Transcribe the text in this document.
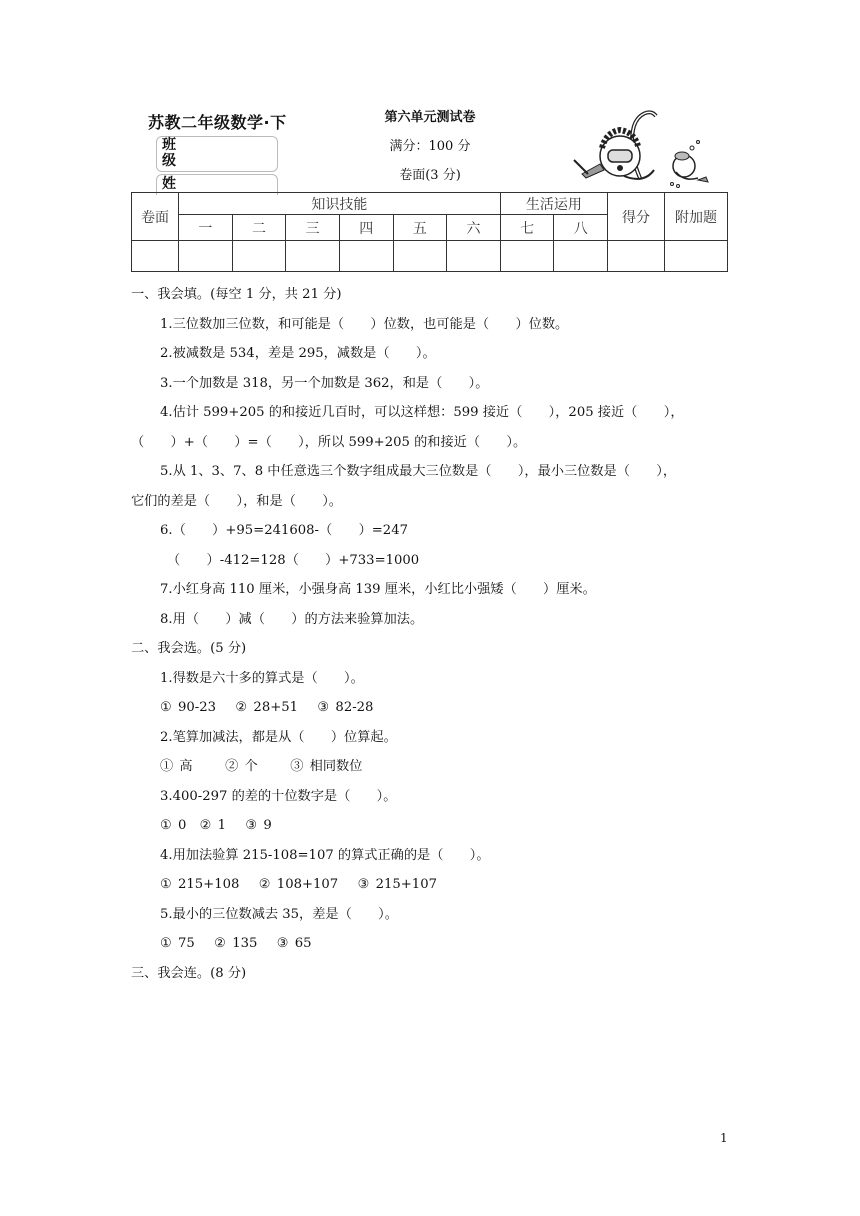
苏教二年级数学·下
班级
姓
第六单元测试卷
满分：100 分
卷面(3 分)
卷面	知识技能						生活运用		得分	附加题
	一	二	三	四	五	六	七	八		

一、我会填。(每空 1 分，共 21 分)
1.三位数加三位数，和可能是（　　）位数，也可能是（　　）位数。
2.被减数是 534，差是 295，减数是（　　）。
3.一个加数是 318，另一个加数是 362，和是（　　）。
4.估计 599+205 的和接近几百时，可以这样想：599 接近（　　），205 接近（　　），
（　　）+（　　）=（　　），所以 599+205 的和接近（　　）。
5.从 1、3、7、8 中任意选三个数字组成最大三位数是（　　），最小三位数是（　　），
它们的差是（　　），和是（　　）。
6.（　　）+95=241608-（　　）=247
（　　）-412=128（　　）+733=1000
7.小红身高 110 厘米，小强身高 139 厘米，小红比小强矮（　　）厘米。
8.用（　　）减（　　）的方法来验算加法。
二、我会选。(5 分)
1.得数是六十多的算式是（　　）。
① 90-23　 ② 28+51　 ③ 82-28
2.笔算加减法，都是从（　　）位算起。
① 高　　 ② 个　　 ③ 相同数位
3.400-297 的差的十位数字是（　　）。
① 0　② 1　 ③ 9
4.用加法验算 215-108=107 的算式正确的是（　　）。
① 215+108　 ② 108+107　 ③ 215+107
5.最小的三位数减去 35，差是（　　）。
① 75　 ② 135　 ③ 65
三、我会连。(8 分)
1
